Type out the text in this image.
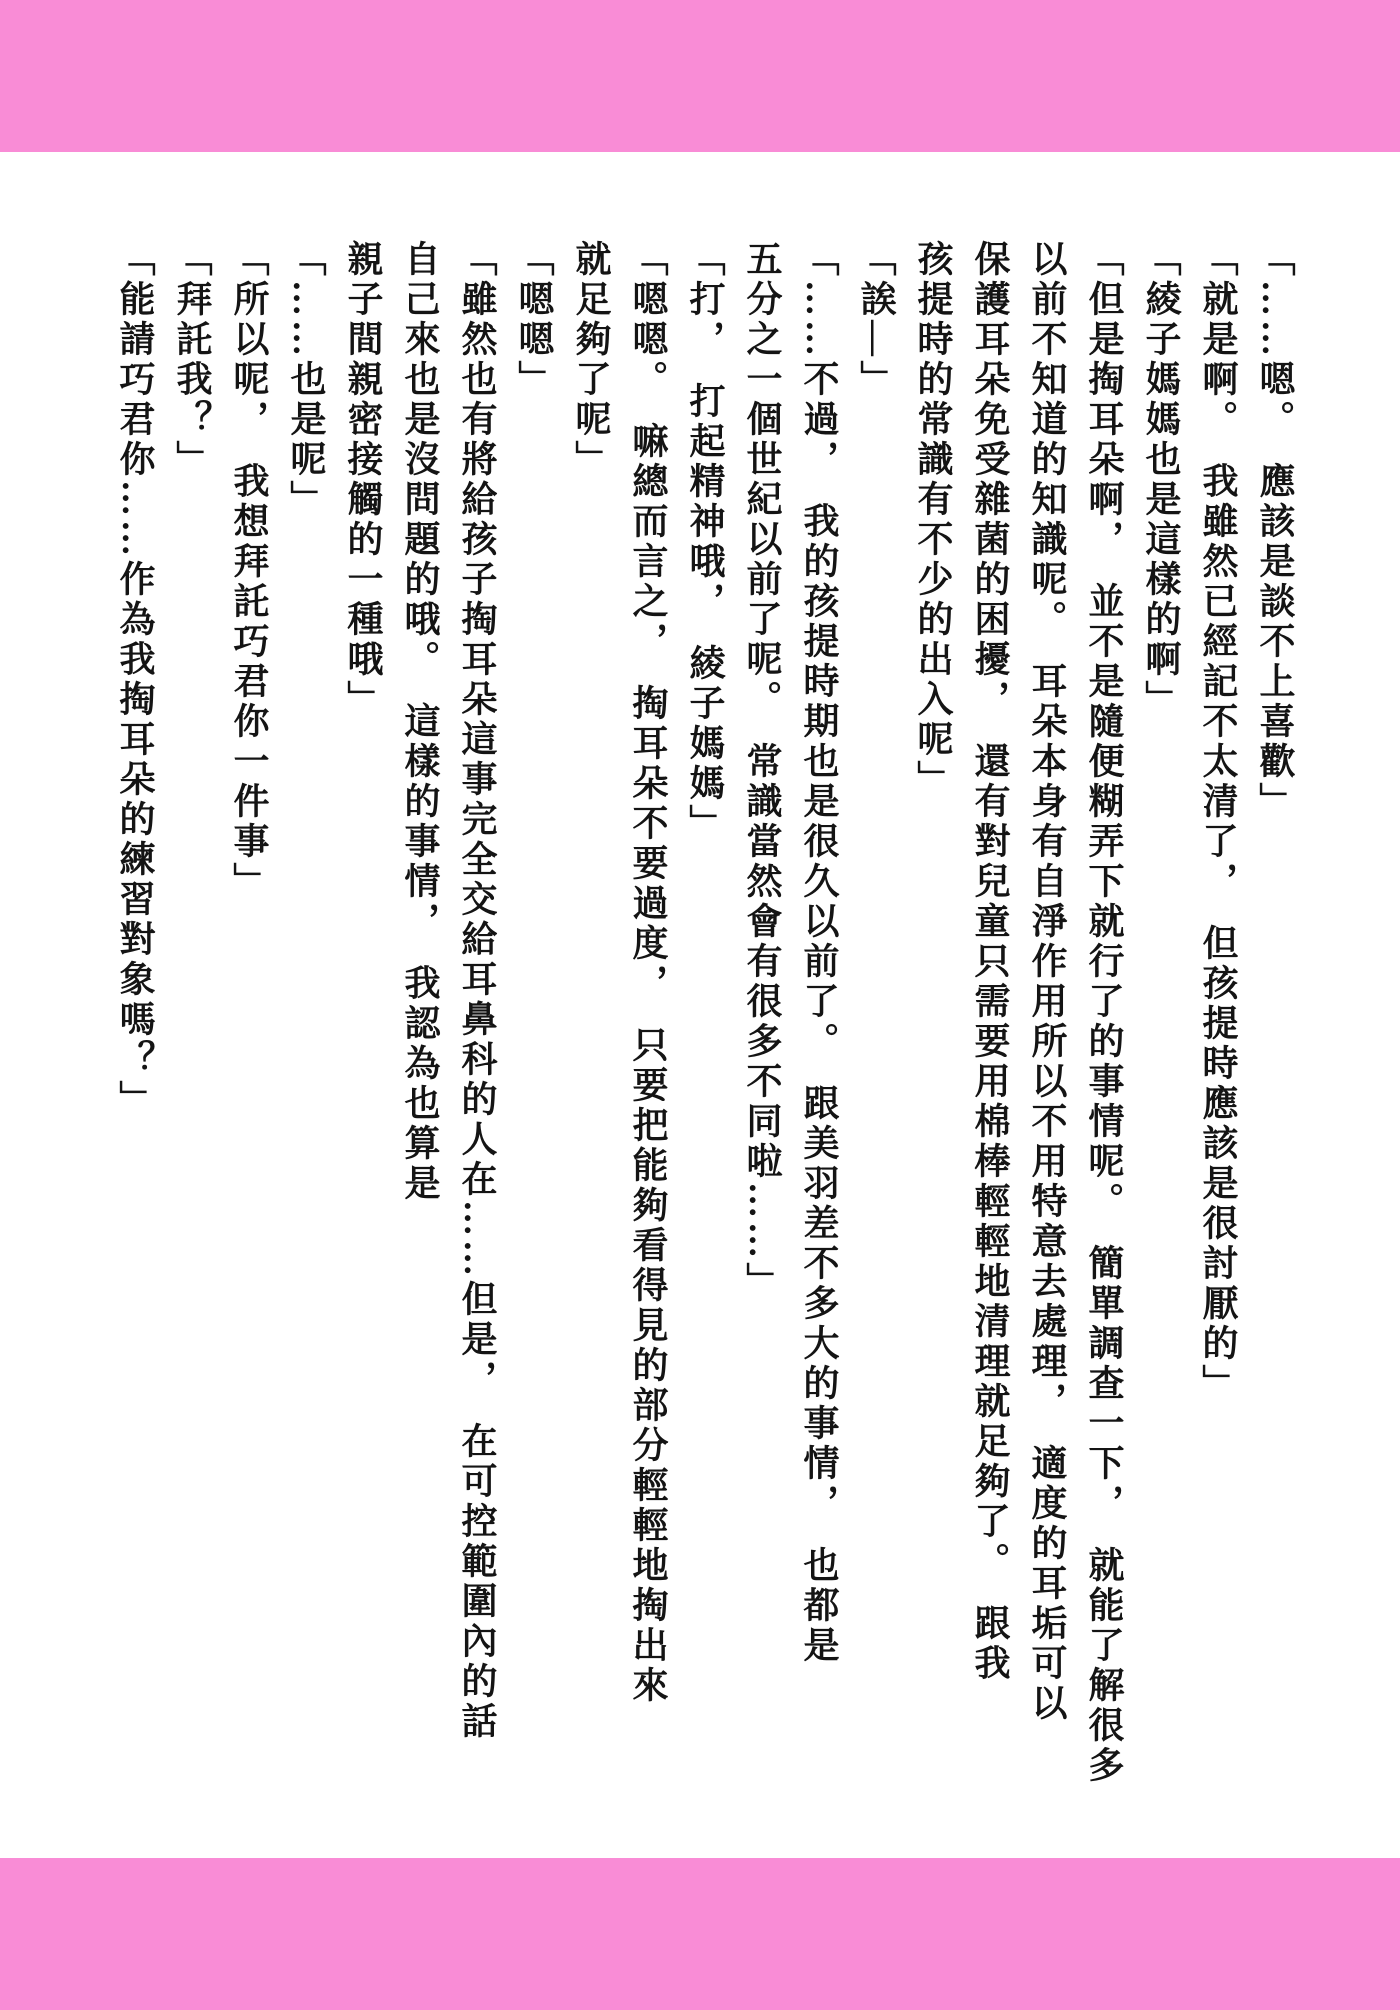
「……嗯。　應該是談不上喜歡」

「就是啊。　我雖然已經記不太清了，　但孩提時應該是很討厭的」

「綾子媽媽也是這樣的啊」

「但是掏耳朵啊，　並不是隨便糊弄下就行了的事情呢。　簡單調查一下，　就能了解很多

以前不知道的知識呢。　耳朵本身有自淨作用所以不用特意去處理，　適度的耳垢可以

保護耳朵免受雜菌的困擾，　還有對兒童只需要用棉棒輕輕地清理就足夠了。　跟我

孩提時的常識有不少的出入呢」

「誒—」

「……不過，　我的孩提時期也是很久以前了。　跟美羽差不多大的事情，　也都是

五分之一個世紀以前了呢。　常識當然會有很多不同啦……」

「打，　打起精神哦，　綾子媽媽」

「嗯嗯。　嘛總而言之，　掏耳朵不要過度，　只要把能夠看得見的部分輕輕地掏出來

就足夠了呢」

「嗯嗯」

「雖然也有將給孩子掏耳朵這事完全交給耳鼻科的人在……但是，　在可控範圍內的話

自己來也是沒問題的哦。　這樣的事情，　我認為也算是

親子間親密接觸的一種哦」

「……也是呢」

「所以呢，　我想拜託巧君你一件事」

「拜託我？」

「能請巧君你……作為我掏耳朵的練習對象嗎？」
